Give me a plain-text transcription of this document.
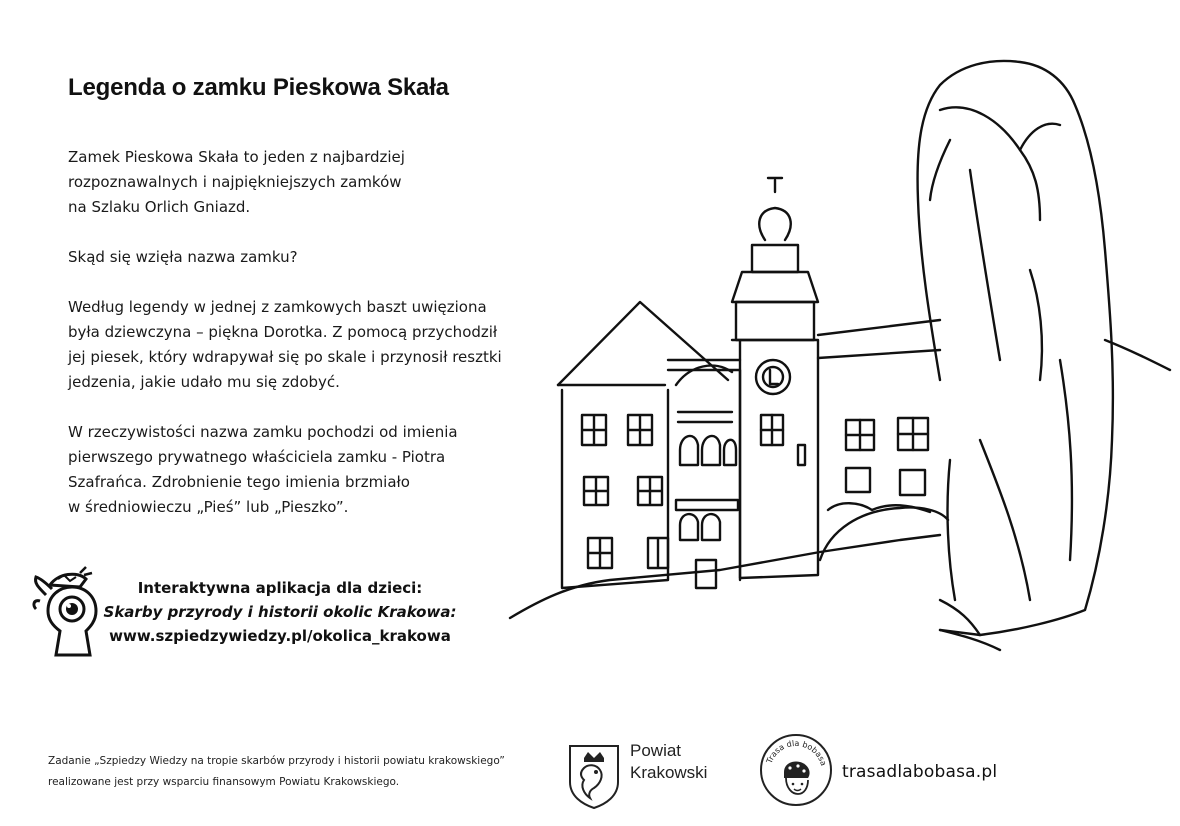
Legenda o zamku Pieskowa Skała

Zamek Pieskowa Skała to jeden z najbardziej
rozpoznawalnych i najpiękniejszych zamków
na Szlaku Orlich Gniazd.

Skąd się wzięła nazwa zamku?

Według legendy w jednej z zamkowych baszt uwięziona
była dziewczyna – piękna Dorotka. Z pomocą przychodził
jej piesek, który wdrapywał się po skale i przynosił resztki
jedzenia, jakie udało mu się zdobyć.

W rzeczywistości nazwa zamku pochodzi od imienia
pierwszego prywatnego właściciela zamku - Piotra
Szafrańca. Zdrobnienie tego imienia brzmiało
w średniowieczu „Pieś” lub „Pieszko”.

Interaktywna aplikacja dla dzieci:
Skarby przyrody i historii okolic Krakowa:
www.szpiedzywiedzy.pl/okolica_krakowa
Zadanie „Szpiedzy Wiedzy na tropie skarbów przyrody i historii powiatu krakowskiego” realizowane jest przy wsparciu finansowym Powiatu Krakowskiego.
Powiat
Krakowski
Trasa dla bobasa trasadlabobasa.pl
